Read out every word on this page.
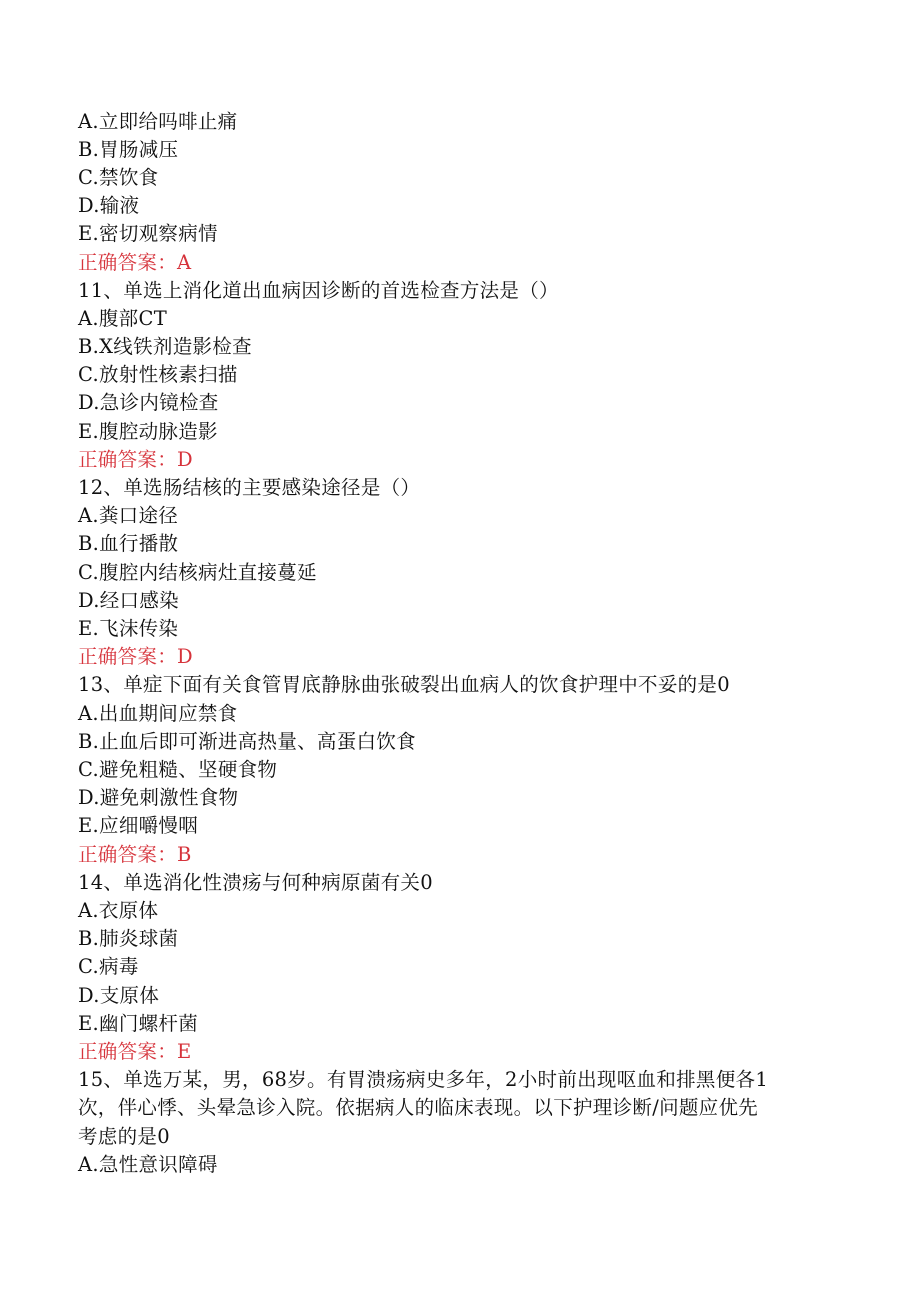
A.立即给吗啡止痛

B.胃肠减压

C.禁饮食

D.输液

E.密切观察病情

正确答案：A

11、单选上消化道出血病因诊断的首选检查方法是（）

A.腹部CT

B.X线铁剂造影检查

C.放射性核素扫描

D.急诊内镜检查

E.腹腔动脉造影

正确答案：D

12、单选肠结核的主要感染途径是（）

A.粪口途径

B.血行播散

C.腹腔内结核病灶直接蔓延

D.经口感染

E.飞沫传染

正确答案：D

13、单症下面有关食管胃底静脉曲张破裂出血病人的饮食护理中不妥的是0

A.出血期间应禁食

B.止血后即可渐进高热量、高蛋白饮食

C.避免粗糙、坚硬食物

D.避免刺激性食物

E.应细嚼慢咽

正确答案：B

14、单选消化性溃疡与何种病原菌有关0

A.衣原体

B.肺炎球菌

C.病毒

D.支原体

E.幽门螺杆菌

正确答案：E

15、单选万某，男，68岁。有胃溃疡病史多年，2小时前出现呕血和排黑便各1

次，伴心悸、头晕急诊入院。依据病人的临床表现。以下护理诊断/问题应优先

考虑的是0

A.急性意识障碍
